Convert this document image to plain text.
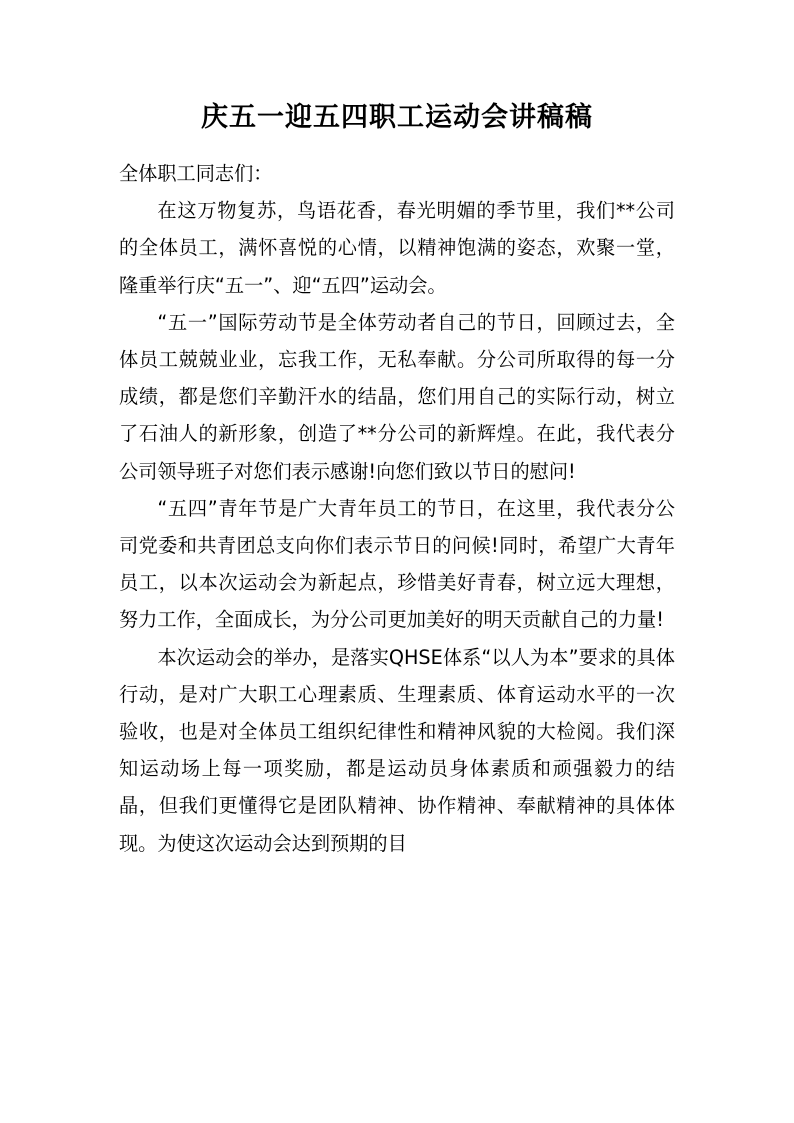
庆五一迎五四职工运动会讲稿稿

全体职工同志们：

在这万物复苏，鸟语花香，春光明媚的季节里，我们**公司的全体员工，满怀喜悦的心情，以精神饱满的姿态，欢聚一堂，隆重举行庆“五一”、迎“五四”运动会。

“五一”国际劳动节是全体劳动者自己的节日，回顾过去，全体员工兢兢业业，忘我工作，无私奉献。分公司所取得的每一分成绩，都是您们辛勤汗水的结晶，您们用自己的实际行动，树立了石油人的新形象，创造了**分公司的新辉煌。在此，我代表分公司领导班子对您们表示感谢!向您们致以节日的慰问!

“五四”青年节是广大青年员工的节日，在这里，我代表分公司党委和共青团总支向你们表示节日的问候!同时，希望广大青年员工，以本次运动会为新起点，珍惜美好青春，树立远大理想，努力工作，全面成长，为分公司更加美好的明天贡献自己的力量!

本次运动会的举办，是落实QHSE体系“以人为本”要求的具体行动，是对广大职工心理素质、生理素质、体育运动水平的一次验收，也是对全体员工组织纪律性和精神风貌的大检阅。我们深知运动场上每一项奖励，都是运动员身体素质和顽强毅力的结晶，但我们更懂得它是团队精神、协作精神、奉献精神的具体体现。为使这次运动会达到预期的目
